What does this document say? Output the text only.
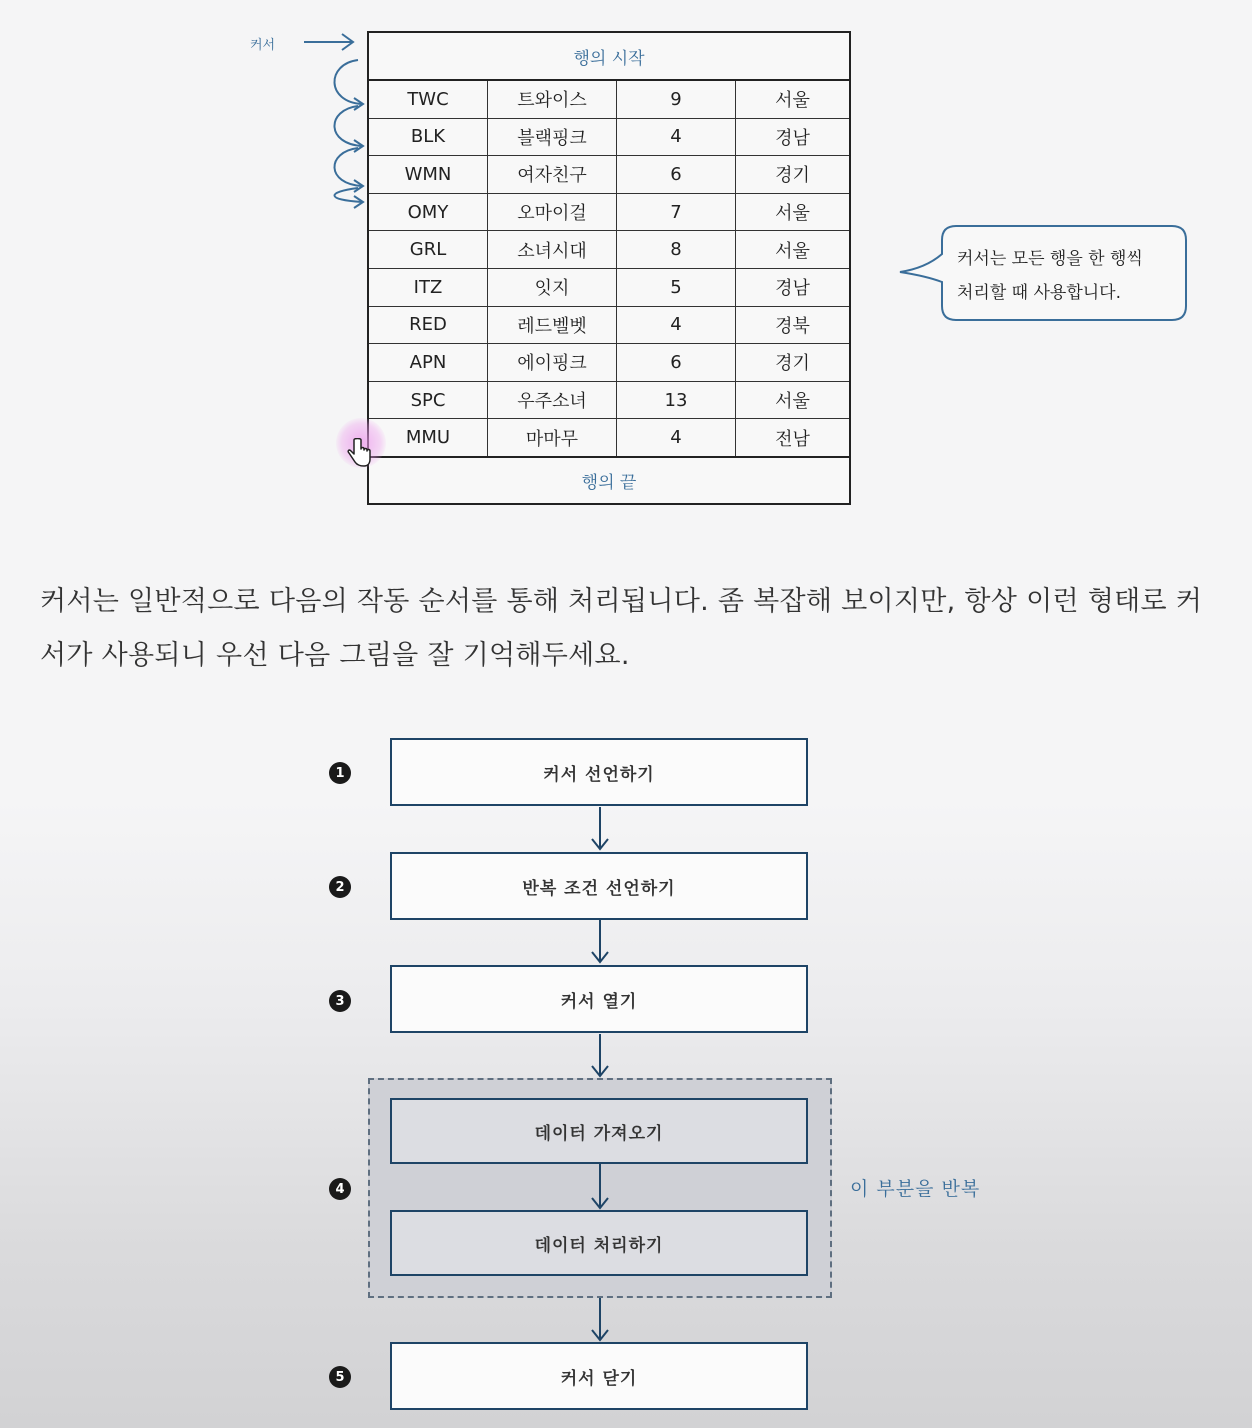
커서
행의 시작
TWC	트와이스	9	서울
BLK	블랙핑크	4	경남
WMN	여자친구	6	경기
OMY	오마이걸	7	서울
GRL	소녀시대	8	서울
ITZ	잇지	5	경남
RED	레드벨벳	4	경북
APN	에이핑크	6	경기
SPC	우주소녀	13	서울
MMU	마마무	4	전남
행의 끝
커서는 모든 행을 한 행씩
처리할 때 사용합니다.
커서는 일반적으로 다음의 작동 순서를 통해 처리됩니다. 좀 복잡해 보이지만, 항상 이런 형태로 커서가 사용되니 우선 다음 그림을 잘 기억해두세요.
1	커서 선언하기
2	반복 조건 선언하기
3	커서 열기
4
데이터 가져오기
데이터 처리하기
이 부분을 반복
5	커서 닫기
